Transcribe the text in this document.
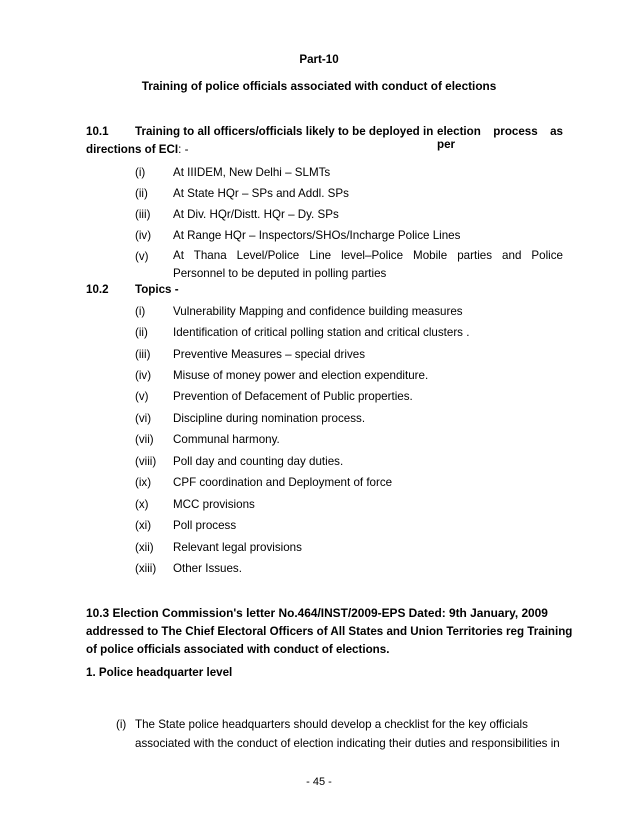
Part-10
Training of police officials associated with conduct of elections
10.1 Training to all officers/officials likely to be deployed in election process as per
directions of ECI: -
(i) At IIIDEM, New Delhi – SLMTs
(ii) At State HQr – SPs and Addl. SPs
(iii) At Div. HQr/Distt. HQr – Dy. SPs
(iv) At Range HQr – Inspectors/SHOs/Incharge Police Lines
(v) At Thana Level/Police Line level–Police Mobile parties and Police Personnel to be deputed in polling parties
10.2 Topics -
(i) Vulnerability Mapping and confidence building measures
(ii) Identification of critical polling station and critical clusters .
(iii) Preventive Measures – special drives
(iv) Misuse of money power and election expenditure.
(v) Prevention of Defacement of Public properties.
(vi) Discipline during nomination process.
(vii) Communal harmony.
(viii) Poll day and counting day duties.
(ix) CPF coordination and Deployment of force
(x) MCC provisions
(xi) Poll process
(xii) Relevant legal provisions
(xiii) Other Issues.
10.3 Election Commission's letter No.464/INST/2009-EPS Dated: 9th January, 2009
addressed to The Chief Electoral Officers of All States and Union Territories reg Training
of police officials associated with conduct of elections.
1. Police headquarter level
(i) The State police headquarters should develop a checklist for the key officials
associated with the conduct of election indicating their duties and responsibilities in
- 45 -
